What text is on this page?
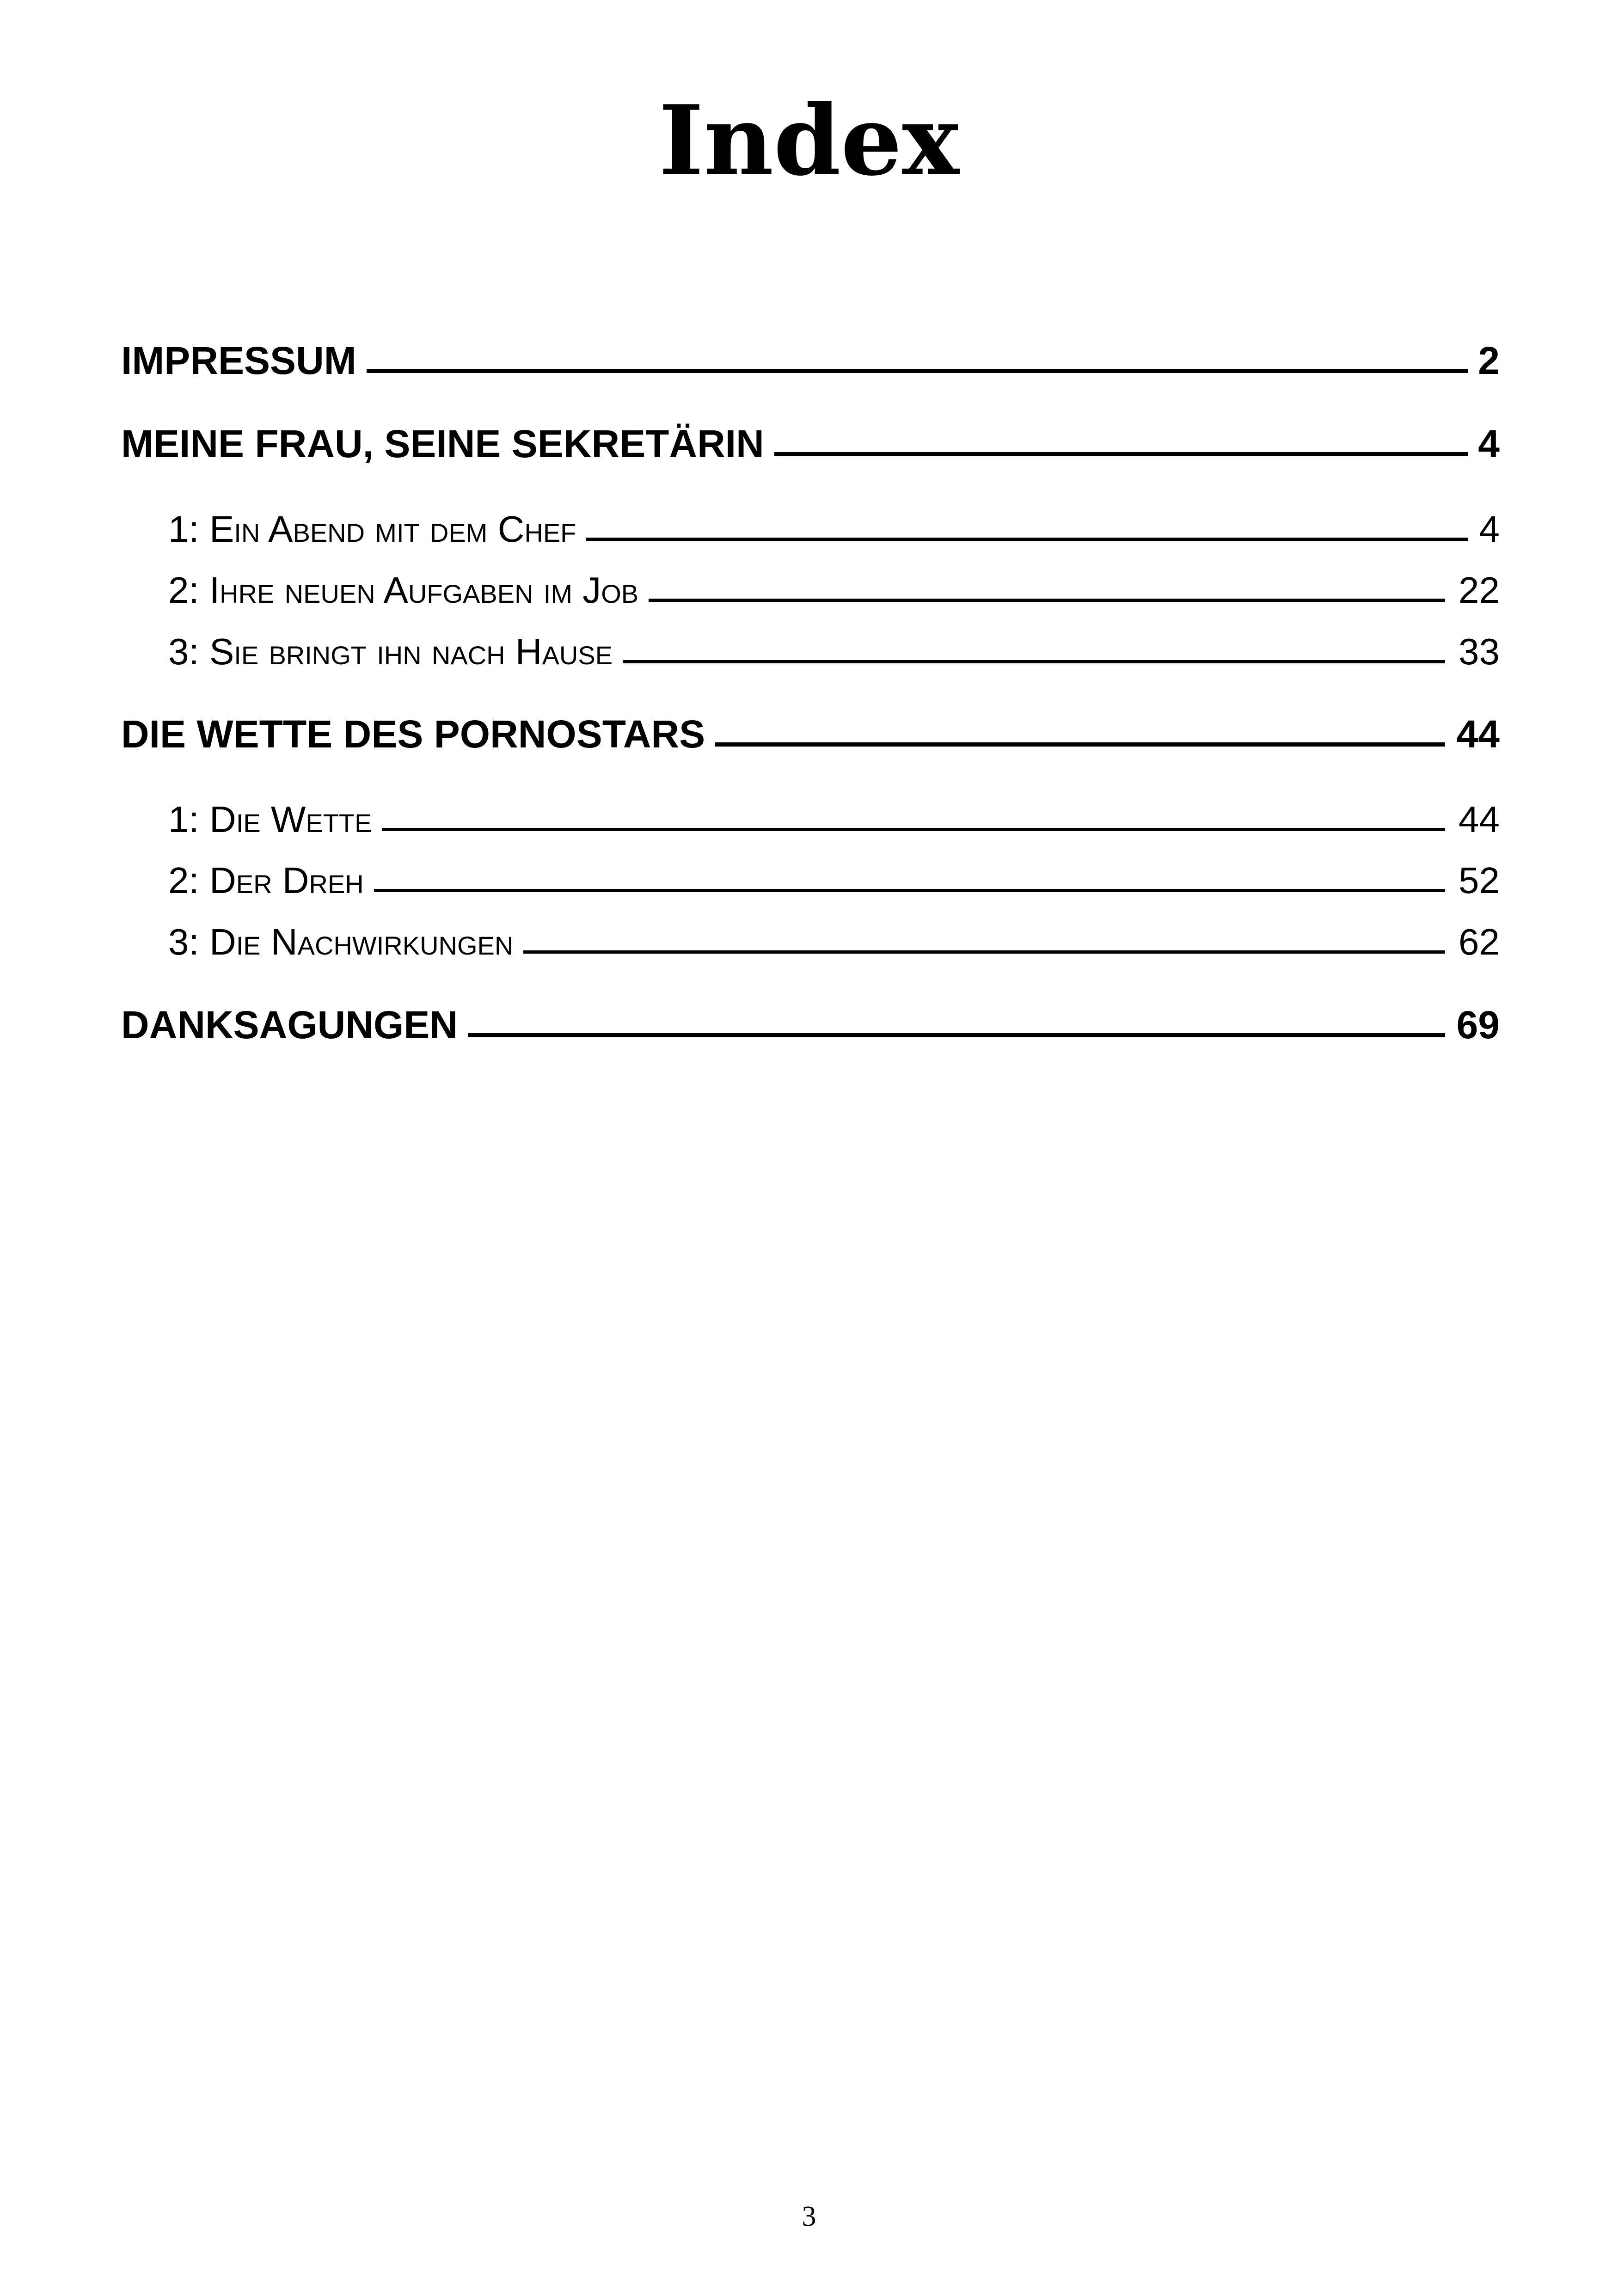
Index
IMPRESSUM	2
MEINE FRAU, SEINE SEKRETÄRIN	4
1: Ein Abend mit dem Chef	4
2: Ihre neuen Aufgaben im Job	22
3: Sie bringt ihn nach Hause	33
DIE WETTE DES PORNOSTARS	44
1: Die Wette	44
2: Der Dreh	52
3: Die Nachwirkungen	62
DANKSAGUNGEN	69
3
